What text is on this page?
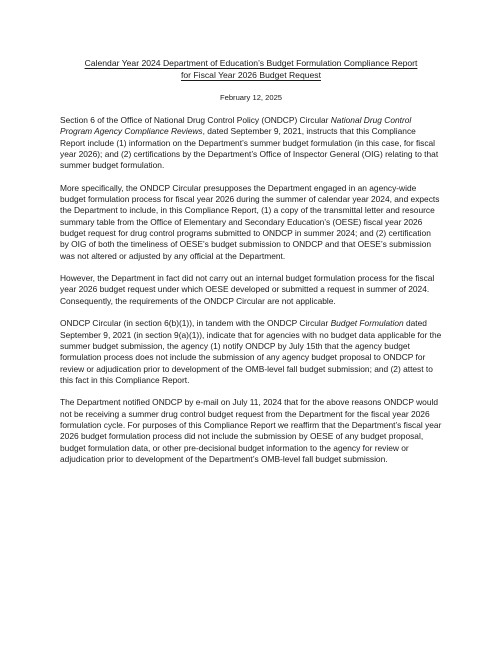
Calendar Year 2024 Department of Education’s Budget Formulation Compliance Report
for Fiscal Year 2026 Budget Request

February 12, 2025

Section 6 of the Office of National Drug Control Policy (ONDCP) Circular National Drug Control Program Agency Compliance Reviews, dated September 9, 2021, instructs that this Compliance Report include (1) information on the Department’s summer budget formulation (in this case, for fiscal year 2026); and (2) certifications by the Department’s Office of Inspector General (OIG) relating to that summer budget formulation.

More specifically, the ONDCP Circular presupposes the Department engaged in an agency-wide budget formulation process for fiscal year 2026 during the summer of calendar year 2024, and expects the Department to include, in this Compliance Report, (1) a copy of the transmittal letter and resource summary table from the Office of Elementary and Secondary Education’s (OESE) fiscal year 2026 budget request for drug control programs submitted to ONDCP in summer 2024; and (2) certification by OIG of both the timeliness of OESE’s budget submission to ONDCP and that OESE’s submission was not altered or adjusted by any official at the Department.

However, the Department in fact did not carry out an internal budget formulation process for the fiscal year 2026 budget request under which OESE developed or submitted a request in summer of 2024. Consequently, the requirements of the ONDCP Circular are not applicable.

ONDCP Circular (in section 6(b)(1)), in tandem with the ONDCP Circular Budget Formulation dated September 9, 2021 (in section 9(a)(1)), indicate that for agencies with no budget data applicable for the summer budget submission, the agency (1) notify ONDCP by July 15th that the agency budget formulation process does not include the submission of any agency budget proposal to ONDCP for review or adjudication prior to development of the OMB-level fall budget submission; and (2) attest to this fact in this Compliance Report.

The Department notified ONDCP by e-mail on July 11, 2024 that for the above reasons ONDCP would not be receiving a summer drug control budget request from the Department for the fiscal year 2026 formulation cycle. For purposes of this Compliance Report we reaffirm that the Department’s fiscal year 2026 budget formulation process did not include the submission by OESE of any budget proposal, budget formulation data, or other pre-decisional budget information to the agency for review or adjudication prior to development of the Department’s OMB-level fall budget submission.
